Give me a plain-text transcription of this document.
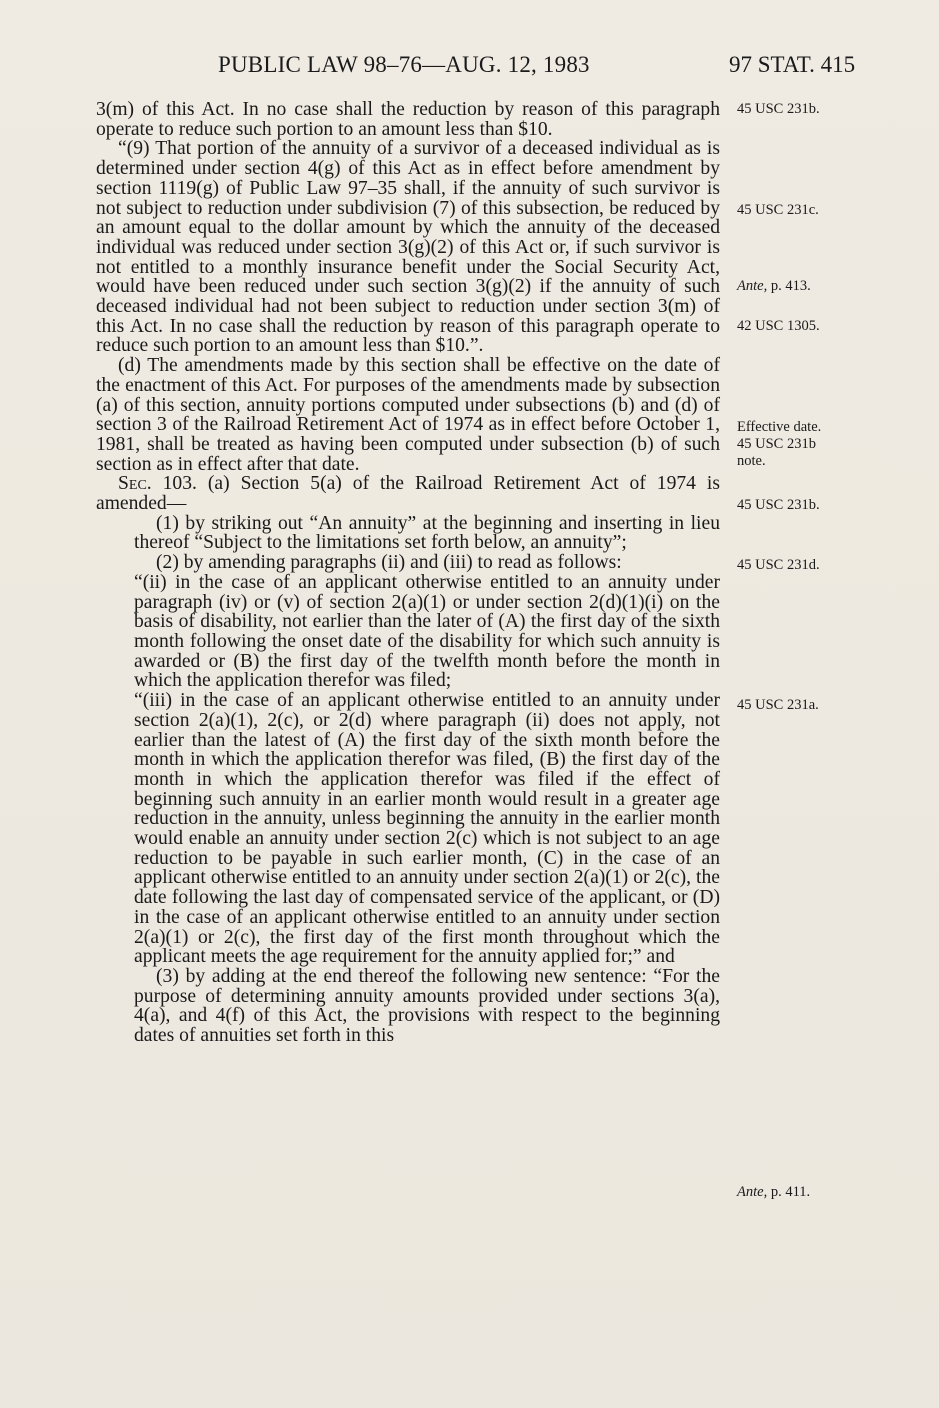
PUBLIC LAW 98–76—AUG. 12, 1983	97 STAT. 415

3(m) of this Act. In no case shall the reduction by reason of this paragraph operate to reduce such portion to an amount less than $10.

“(9) That portion of the annuity of a survivor of a deceased individual as is determined under section 4(g) of this Act as in effect before amendment by section 1119(g) of Public Law 97–35 shall, if the annuity of such survivor is not subject to reduction under subdivision (7) of this subsection, be reduced by an amount equal to the dollar amount by which the annuity of the deceased individual was reduced under section 3(g)(2) of this Act or, if such survivor is not entitled to a monthly insurance benefit under the Social Security Act, would have been reduced under such section 3(g)(2) if the annuity of such deceased individual had not been subject to reduction under section 3(m) of this Act. In no case shall the reduction by reason of this paragraph operate to reduce such portion to an amount less than $10.”.

(d) The amendments made by this section shall be effective on the date of the enactment of this Act. For purposes of the amendments made by subsection (a) of this section, annuity portions computed under subsections (b) and (d) of section 3 of the Railroad Retirement Act of 1974 as in effect before October 1, 1981, shall be treated as having been computed under subsection (b) of such section as in effect after that date.

Sec. 103. (a) Section 5(a) of the Railroad Retirement Act of 1974 is amended—

(1) by striking out “An annuity” at the beginning and inserting in lieu thereof “Subject to the limitations set forth below, an annuity”;

(2) by amending paragraphs (ii) and (iii) to read as follows:

“(ii) in the case of an applicant otherwise entitled to an annuity under paragraph (iv) or (v) of section 2(a)(1) or under section 2(d)(1)(i) on the basis of disability, not earlier than the later of (A) the first day of the sixth month following the onset date of the disability for which such annuity is awarded or (B) the first day of the twelfth month before the month in which the application therefor was filed;

“(iii) in the case of an applicant otherwise entitled to an annuity under section 2(a)(1), 2(c), or 2(d) where paragraph (ii) does not apply, not earlier than the latest of (A) the first day of the sixth month before the month in which the application therefor was filed, (B) the first day of the month in which the application therefor was filed if the effect of beginning such annuity in an earlier month would result in a greater age reduction in the annuity, unless beginning the annuity in the earlier month would enable an annuity under section 2(c) which is not subject to an age reduction to be payable in such earlier month, (C) in the case of an applicant otherwise entitled to an annuity under section 2(a)(1) or 2(c), the date following the last day of compensated service of the applicant, or (D) in the case of an applicant otherwise entitled to an annuity under section 2(a)(1) or 2(c), the first day of the first month throughout which the applicant meets the age requirement for the annuity applied for;” and

(3) by adding at the end thereof the following new sentence: “For the purpose of determining annuity amounts provided under sections 3(a), 4(a), and 4(f) of this Act, the provisions with respect to the beginning dates of annuities set forth in this

45 USC 231b.
45 USC 231c.
Ante, p. 413.
42 USC 1305.
Effective date.
45 USC 231b
note.
45 USC 231b.
45 USC 231d.
45 USC 231a.
Ante, p. 411.
